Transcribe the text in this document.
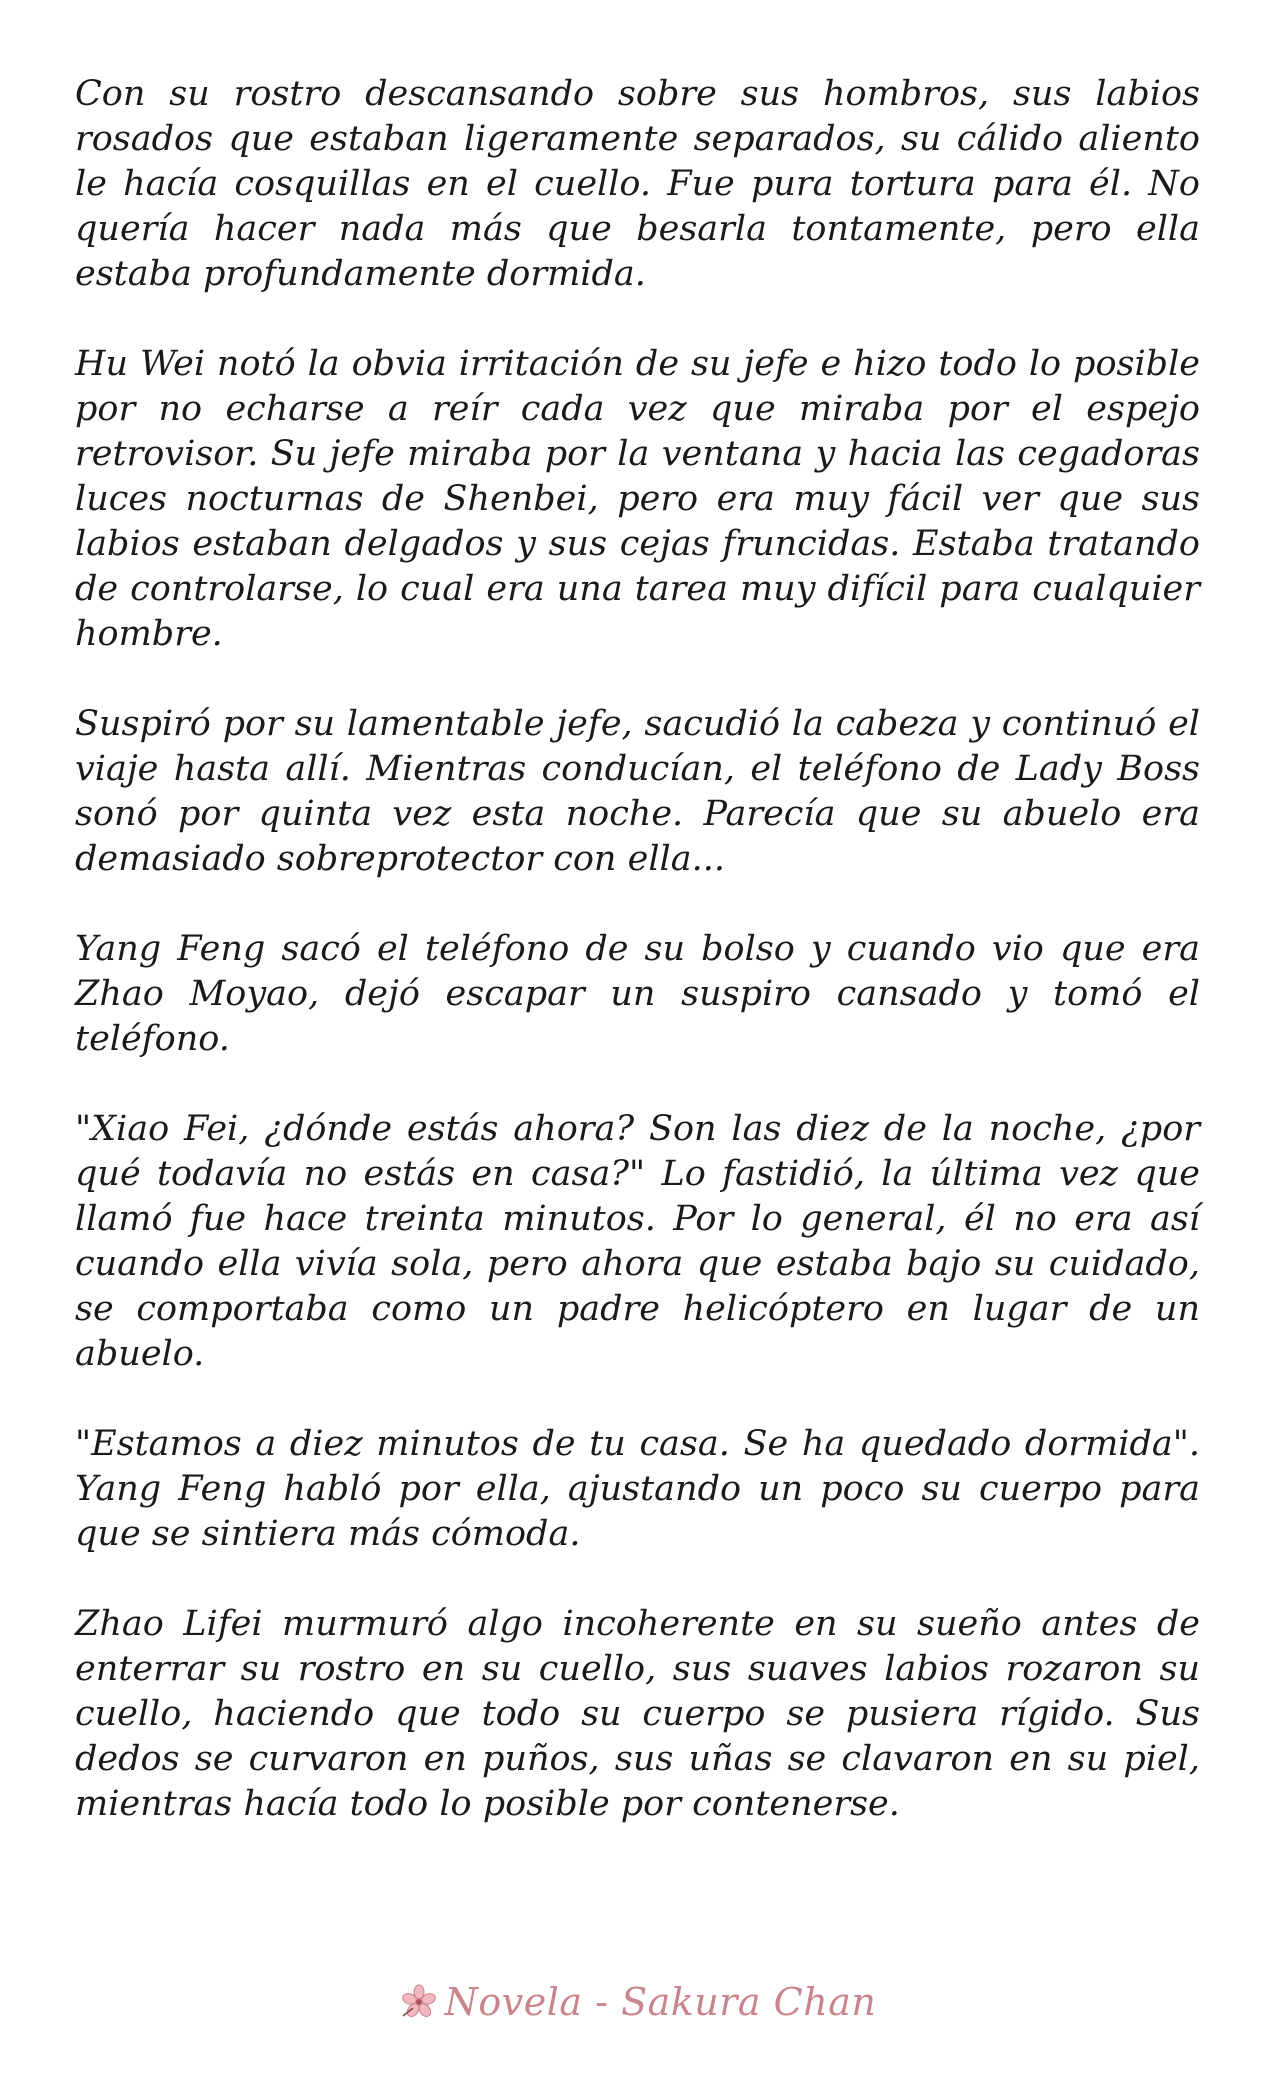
Con su rostro descansando sobre sus hombros, sus labios rosados que estaban ligeramente separados, su cálido aliento le hacía cosquillas en el cuello. Fue pura tortura para él. No quería hacer nada más que besarla tontamente, pero ella estaba profundamente dormida.

Hu Wei notó la obvia irritación de su jefe e hizo todo lo posible por no echarse a reír cada vez que miraba por el espejo retrovisor. Su jefe miraba por la ventana y hacia las cegadoras luces nocturnas de Shenbei, pero era muy fácil ver que sus labios estaban delgados y sus cejas fruncidas. Estaba tratando de controlarse, lo cual era una tarea muy difícil para cualquier hombre.

Suspiró por su lamentable jefe, sacudió la cabeza y continuó el viaje hasta allí. Mientras conducían, el teléfono de Lady Boss sonó por quinta vez esta noche. Parecía que su abuelo era demasiado sobreprotector con ella...

Yang Feng sacó el teléfono de su bolso y cuando vio que era Zhao Moyao, dejó escapar un suspiro cansado y tomó el teléfono.

"Xiao Fei, ¿dónde estás ahora? Son las diez de la noche, ¿por qué todavía no estás en casa?" Lo fastidió, la última vez que llamó fue hace treinta minutos. Por lo general, él no era así cuando ella vivía sola, pero ahora que estaba bajo su cuidado, se comportaba como un padre helicóptero en lugar de un abuelo.

"Estamos a diez minutos de tu casa. Se ha quedado dormida". Yang Feng habló por ella, ajustando un poco su cuerpo para que se sintiera más cómoda.

Zhao Lifei murmuró algo incoherente en su sueño antes de enterrar su rostro en su cuello, sus suaves labios rozaron su cuello, haciendo que todo su cuerpo se pusiera rígido. Sus dedos se curvaron en puños, sus uñas se clavaron en su piel, mientras hacía todo lo posible por contenerse.

Novela - Sakura Chan
